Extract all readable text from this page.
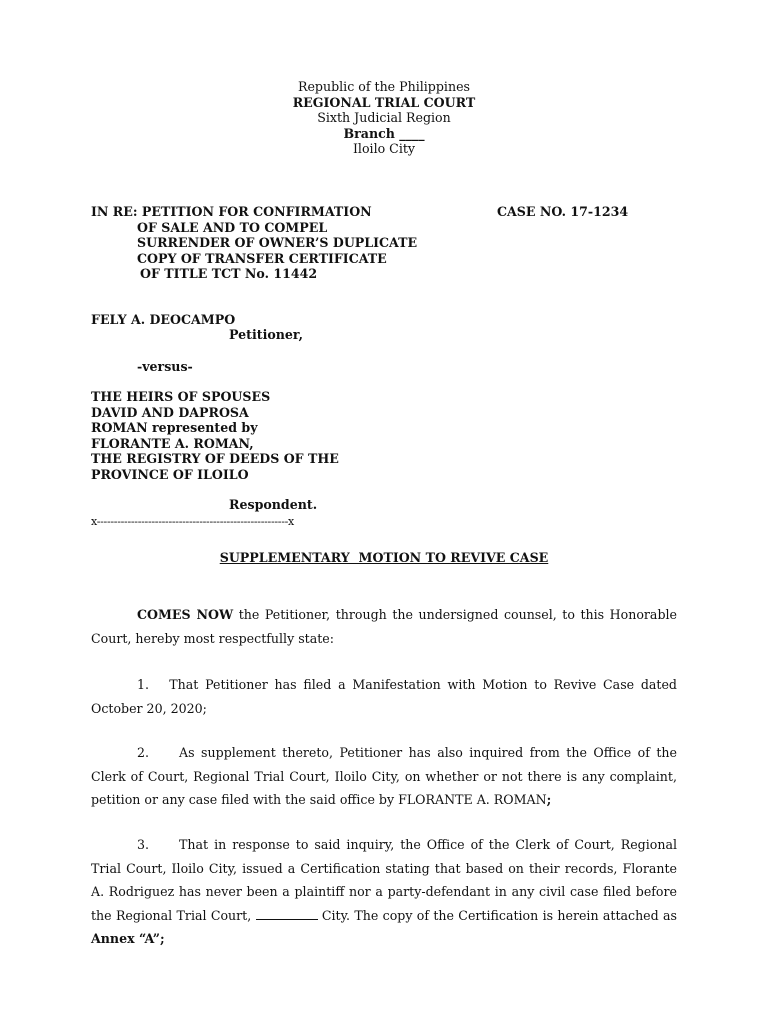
Republic of the Philippines
REGIONAL TRIAL COURT
Sixth Judicial Region
Branch ____
Iloilo City
IN RE: PETITION FOR CONFIRMATION
OF SALE AND TO COMPEL
SURRENDER OF OWNER’S DUPLICATE
COPY OF TRANSFER CERTIFICATE
OF TITLE TCT No. 11442
CASE NO. 17-1234
FELY A. DEOCAMPO
Petitioner,
-versus-
THE HEIRS OF SPOUSES
DAVID AND DAPROSA
ROMAN represented by
FLORANTE A. ROMAN,
THE REGISTRY OF DEEDS OF THE
PROVINCE OF ILOILO
Respondent.
x--------------------------------------------------------x
SUPPLEMENTARY  MOTION TO REVIVE CASE
COMES NOW the Petitioner, through the undersigned counsel, to this Honorable Court, hereby most respectfully state:
1. That Petitioner has filed a Manifestation with Motion to Revive Case dated October 20, 2020;
2. As supplement thereto, Petitioner has also inquired from the Office of the Clerk of Court, Regional Trial Court, Iloilo City, on whether or not there is any complaint, petition or any case filed with the said office by FLORANTE A. ROMAN;
3. That in response to said inquiry, the Office of the Clerk of Court, Regional Trial Court, Iloilo City, issued a Certification stating that based on their records, Florante A. Rodriguez has never been a plaintiff nor a party-defendant in any civil case filed before the Regional Trial Court,	City. The copy of the Certification is herein attached as Annex “A”;
